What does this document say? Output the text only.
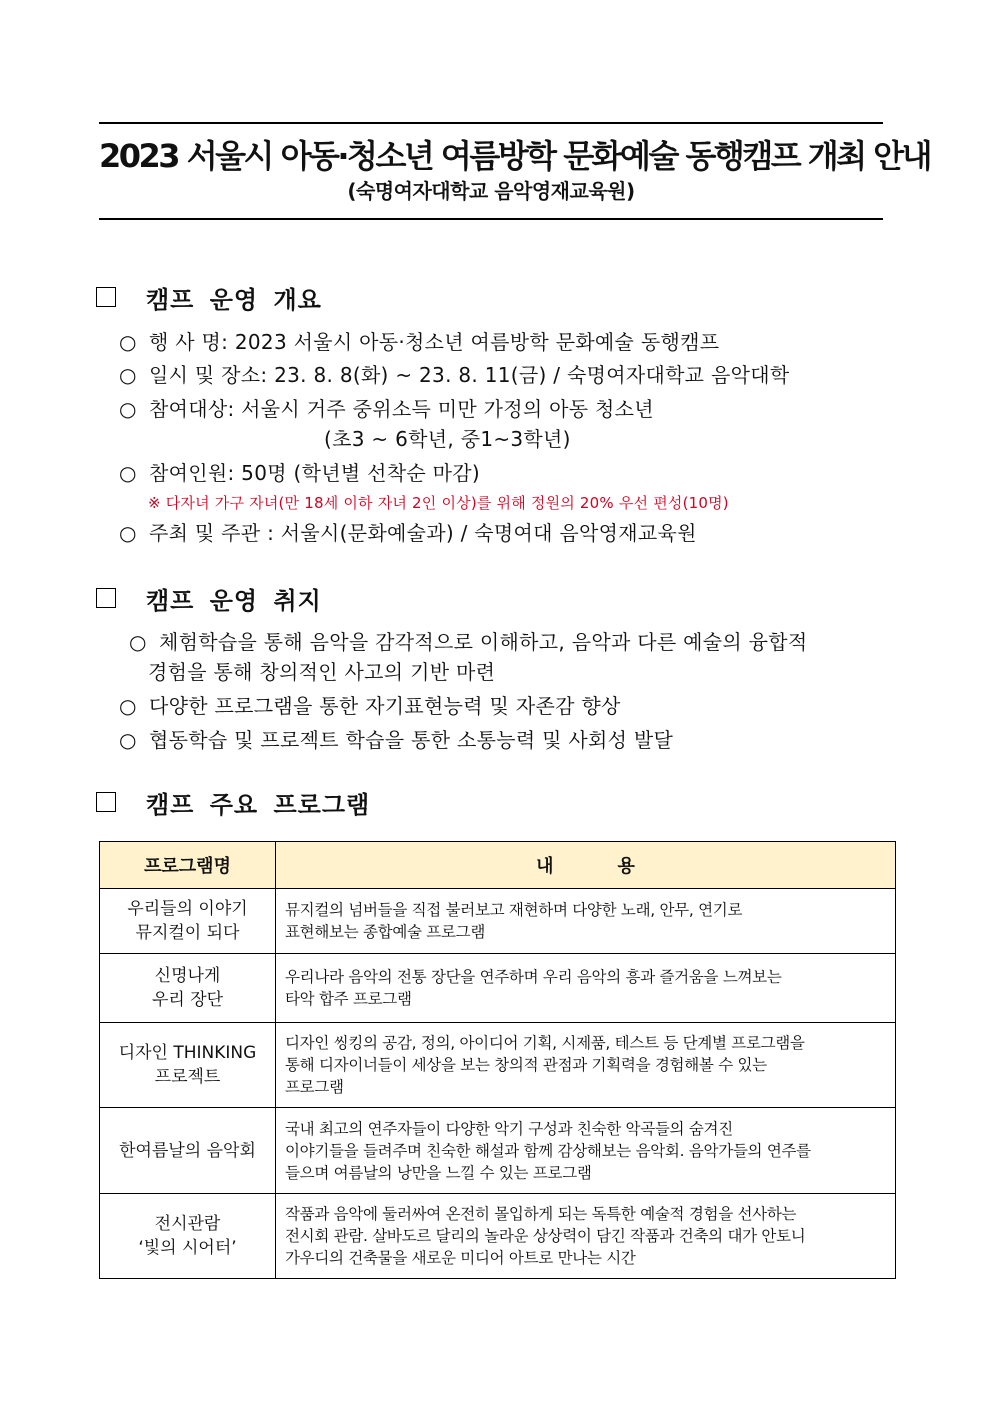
2023 서울시 아동·청소년 여름방학 문화예술 동행캠프 개최 안내
(숙명여자대학교 음악영재교육원)
캠프 운영 개요
○ 행 사 명: 2023 서울시 아동·청소년 여름방학 문화예술 동행캠프
○ 일시 및 장소: 23. 8. 8(화) ~ 23. 8. 11(금) / 숙명여자대학교 음악대학
○ 참여대상: 서울시 거주 중위소득 미만 가정의 아동 청소년
(초3 ~ 6학년, 중1~3학년)
○ 참여인원: 50명 (학년별 선착순 마감)
※ 다자녀 가구 자녀(만 18세 이하 자녀 2인 이상)를 위해 정원의 20% 우선 편성(10명)
○ 주최 및 주관 : 서울시(문화예술과) / 숙명여대 음악영재교육원
캠프 운영 취지
○ 체험학습을 통해 음악을 감각적으로 이해하고, 음악과 다른 예술의 융합적
경험을 통해 창의적인 사고의 기반 마련
○ 다양한 프로그램을 통한 자기표현능력 및 자존감 향상
○ 협동학습 및 프로젝트 학습을 통한 소통능력 및 사회성 발달
캠프 주요 프로그램
프로그램명	내 용

우리들의 이야기
뮤지컬이 되다	뮤지컬의 넘버들을 직접 불러보고 재현하며 다양한 노래, 안무, 연기로
표현해보는 종합예술 프로그램

신명나게
우리 장단	우리나라 음악의 전통 장단을 연주하며 우리 음악의 흥과 즐거움을 느껴보는
타악 합주 프로그램

디자인 THINKING
프로젝트	디자인 씽킹의 공감, 정의, 아이디어 기획, 시제품, 테스트 등 단계별 프로그램을
통해 디자이너들이 세상을 보는 창의적 관점과 기획력을 경험해볼 수 있는
프로그램

한여름날의 음악회	국내 최고의 연주자들이 다양한 악기 구성과 친숙한 악곡들의 숨겨진
이야기들을 들려주며 친숙한 해설과 함께 감상해보는 음악회. 음악가들의 연주를
들으며 여름날의 낭만을 느낄 수 있는 프로그램

전시관람
‘빛의 시어터’	작품과 음악에 둘러싸여 온전히 몰입하게 되는 독특한 예술적 경험을 선사하는
전시회 관람. 살바도르 달리의 놀라운 상상력이 담긴 작품과 건축의 대가 안토니
가우디의 건축물을 새로운 미디어 아트로 만나는 시간
